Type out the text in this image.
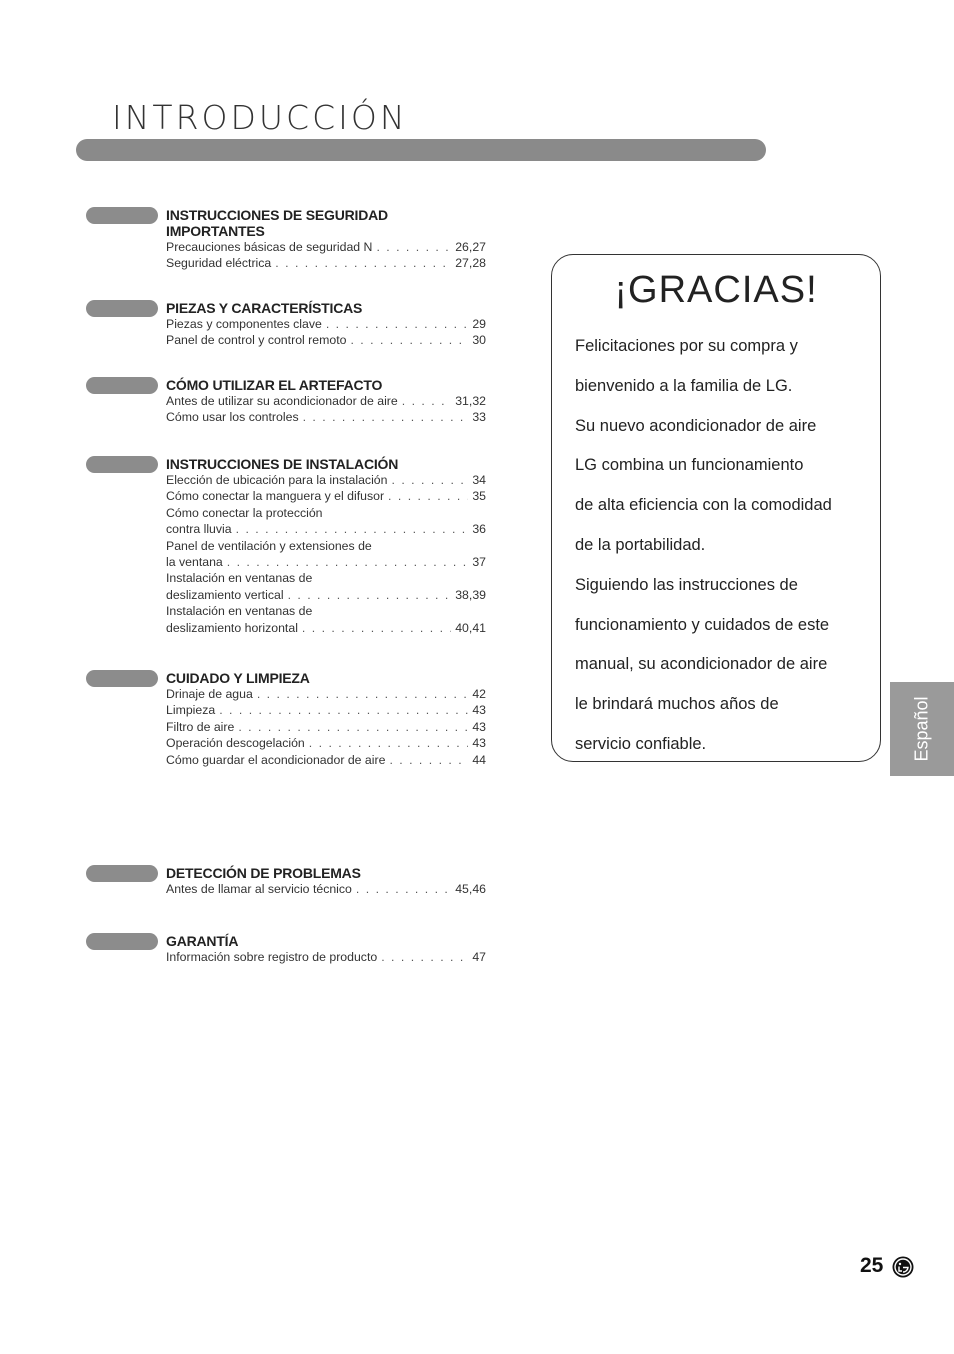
INTRODUCCIÓN
INSTRUCCIONES DE SEGURIDAD
IMPORTANTES
Precauciones básicas de seguridad N . . .	26,27
Seguridad eléctrica . . .	27,28
PIEZAS Y CARACTERÍSTICAS
Piezas y componentes clave . . .	29
Panel de control y control remoto . . .	30
CÓMO UTILIZAR EL ARTEFACTO
Antes de utilizar su acondicionador de aire . . .	31,32
Cómo usar los controles . . .	33
INSTRUCCIONES DE INSTALACIÓN
Elección de ubicación para la instalación . . .	34
Cómo conectar la manguera y el difusor . . .	35
Cómo conectar la protección
contra lluvia . . .	36
Panel de ventilación y extensiones de
la ventana . . .	37
Instalación en ventanas de
deslizamiento vertical . . .	38,39
Instalación en ventanas de
deslizamiento horizontal . . .	40,41
CUIDADO Y LIMPIEZA
Drinaje de agua . . .	42
Limpieza . . .	43
Filtro de aire . . .	43
Operación descogelación . . .	43
Cómo guardar el acondicionador de aire . . .	44
DETECCIÓN DE PROBLEMAS
Antes de llamar al servicio técnico . . .	45,46
GARANTÍA
Información sobre registro de producto . . .	47
¡GRACIAS!
Felicitaciones por su compra y
bienvenido a la familia de LG.
Su nuevo acondicionador de aire
LG combina un funcionamiento
de alta eficiencia con la comodidad
de la portabilidad.
Siguiendo las instrucciones de
funcionamiento y cuidados de este
manual, su acondicionador de aire
le brindará muchos años de
servicio confiable.	Español
25
